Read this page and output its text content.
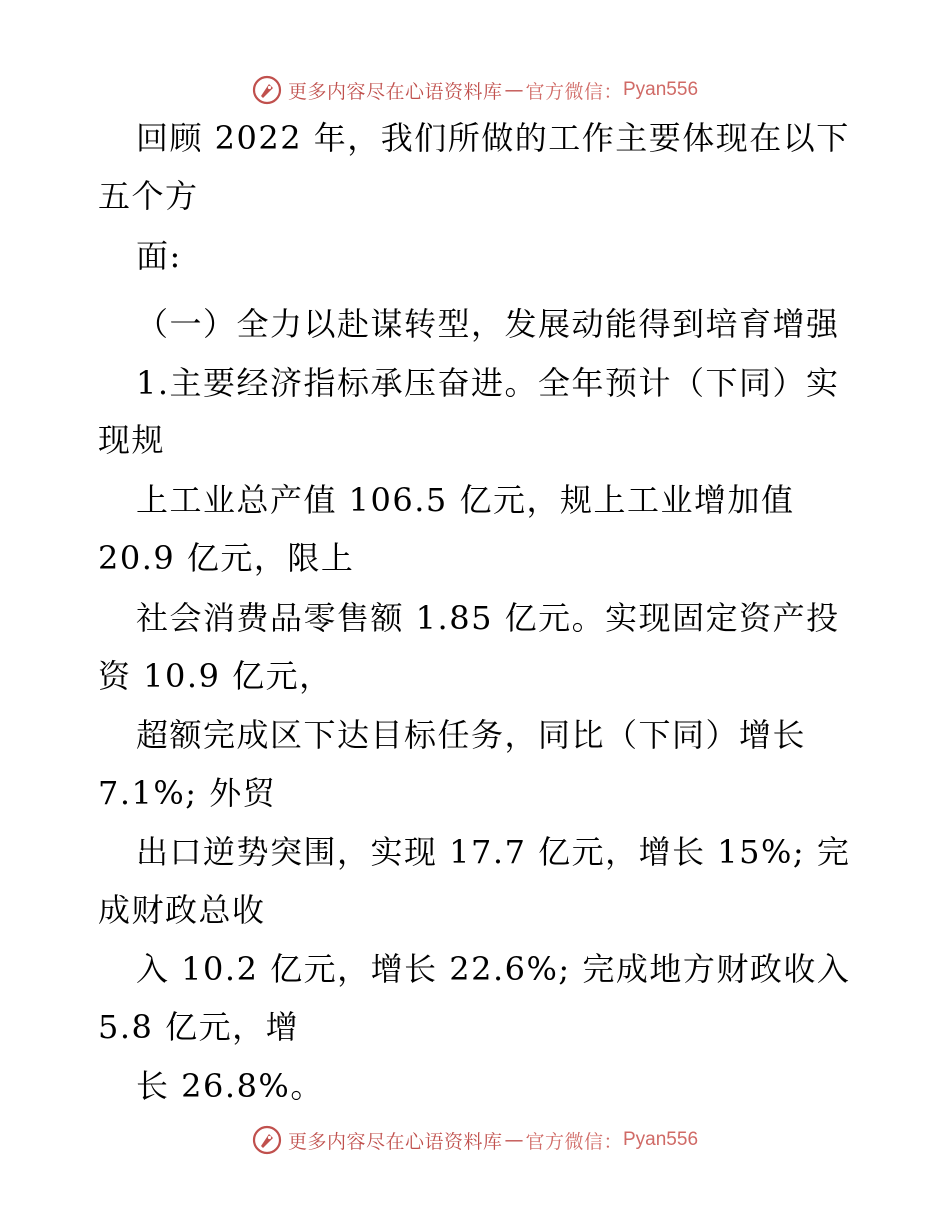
更多内容尽在心语资料库 — 官方微信： Pyan556
回顾 2022 年，我们所做的工作主要体现在以下
五个方
面:
（一）全力以赴谋转型，发展动能得到培育增强
1.主要经济指标承压奋进。全年预计（下同）实
现规
上工业总产值 106.5 亿元，规上工业增加值
20.9 亿元，限上
社会消费品零售额 1.85 亿元。实现固定资产投
资 10.9 亿元，
超额完成区下达目标任务，同比（下同）增长
7.1%; 外贸
出口逆势突围，实现 17.7 亿元，增长 15%; 完
成财政总收
入 10.2 亿元，增长 22.6%; 完成地方财政收入
5.8 亿元，增
长 26.8%。
更多内容尽在心语资料库 — 官方微信： Pyan556
